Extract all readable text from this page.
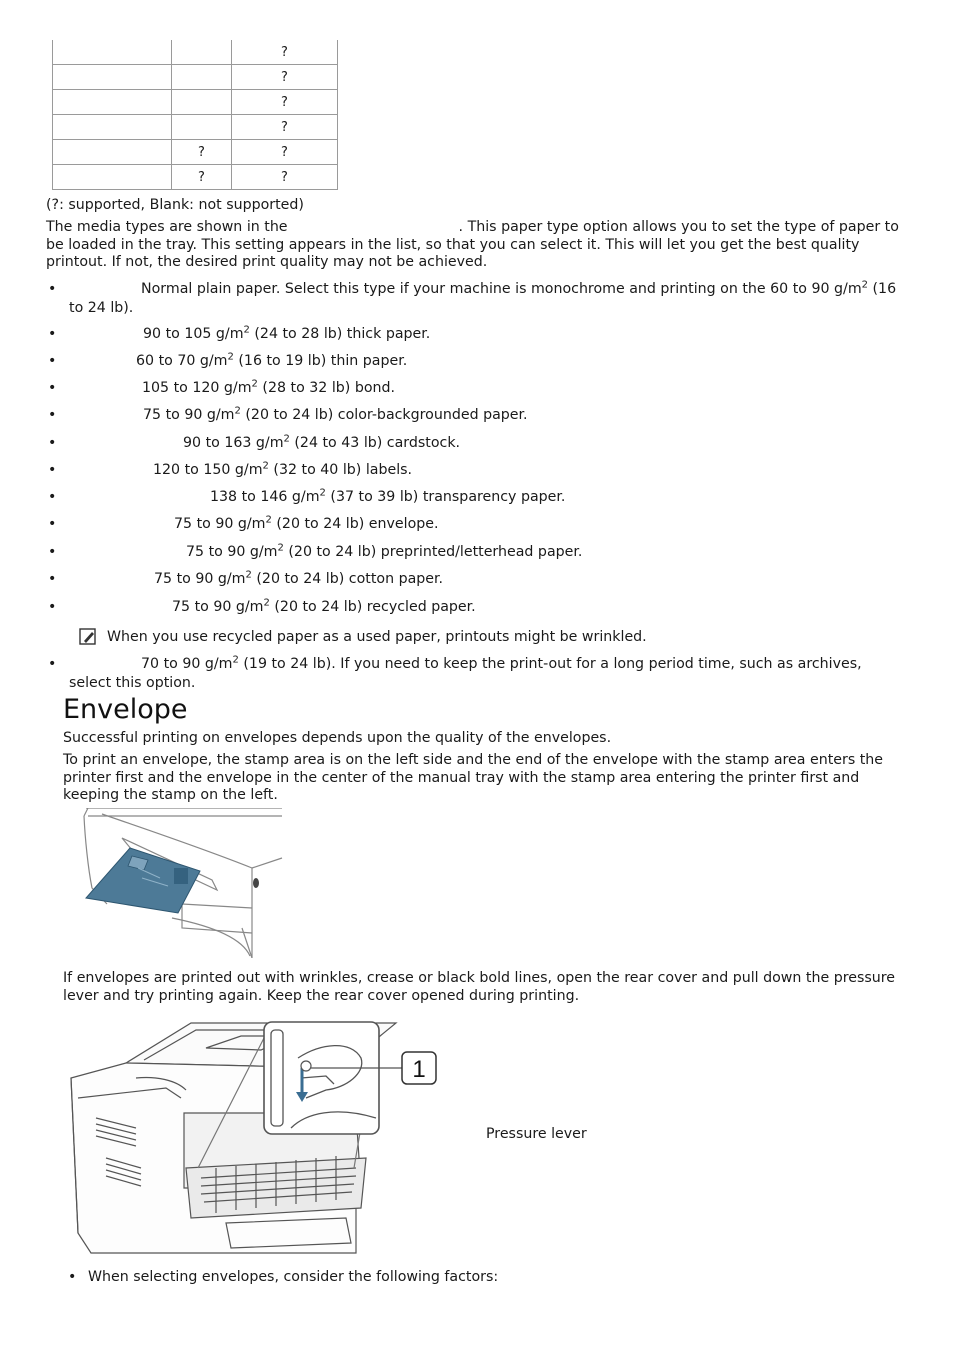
		?
		?
		?
		?
	?	?
	?	?
(?: supported, Blank: not supported)
The media types are shown in the	. This paper type option allows you to set the type of paper to be loaded in the tray. This setting appears in the list, so that you can select it. This will let you get the best quality printout. If not, the desired print quality may not be achieved.
•	Normal plain paper. Select this type if your machine is monochrome and printing on the 60 to 90 $g/m^2$ (16 to 24 lb).
•	90 to 105 $g/m^2$ (24 to 28 lb) thick paper.
•	60 to 70 $g/m^2$ (16 to 19 lb) thin paper.
•	105 to 120 $g/m^2$ (28 to 32 lb) bond.
•	75 to 90 $g/m^2$ (20 to 24 lb) color-backgrounded paper.
•	90 to 163 $g/m^2$ (24 to 43 lb) cardstock.
•	120 to 150 $g/m^2$ (32 to 40 lb) labels.
•	138 to 146 $g/m^2$ (37 to 39 lb) transparency paper.
•	75 to 90 $g/m^2$ (20 to 24 lb) envelope.
•	75 to 90 $g/m^2$ (20 to 24 lb) preprinted/letterhead paper.
•	75 to 90 $g/m^2$ (20 to 24 lb) cotton paper.
•	75 to 90 $g/m^2$ (20 to 24 lb) recycled paper.
When you use recycled paper as a used paper, printouts might be wrinkled.
•	70 to 90 $g/m^2$ (19 to 24 lb). If you need to keep the print-out for a long period time, such as archives, select this option.
Envelope
Successful printing on envelopes depends upon the quality of the envelopes.
To print an envelope, the stamp area is on the left side and the end of the envelope with the stamp area enters the printer first and the envelope in the center of the manual tray with the stamp area entering the printer first and keeping the stamp on the left.
If envelopes are printed out with wrinkles, crease or black bold lines, open the rear cover and pull down the pressure lever and try printing again. Keep the rear cover opened during printing.
1
Pressure lever
• When selecting envelopes, consider the following factors:
